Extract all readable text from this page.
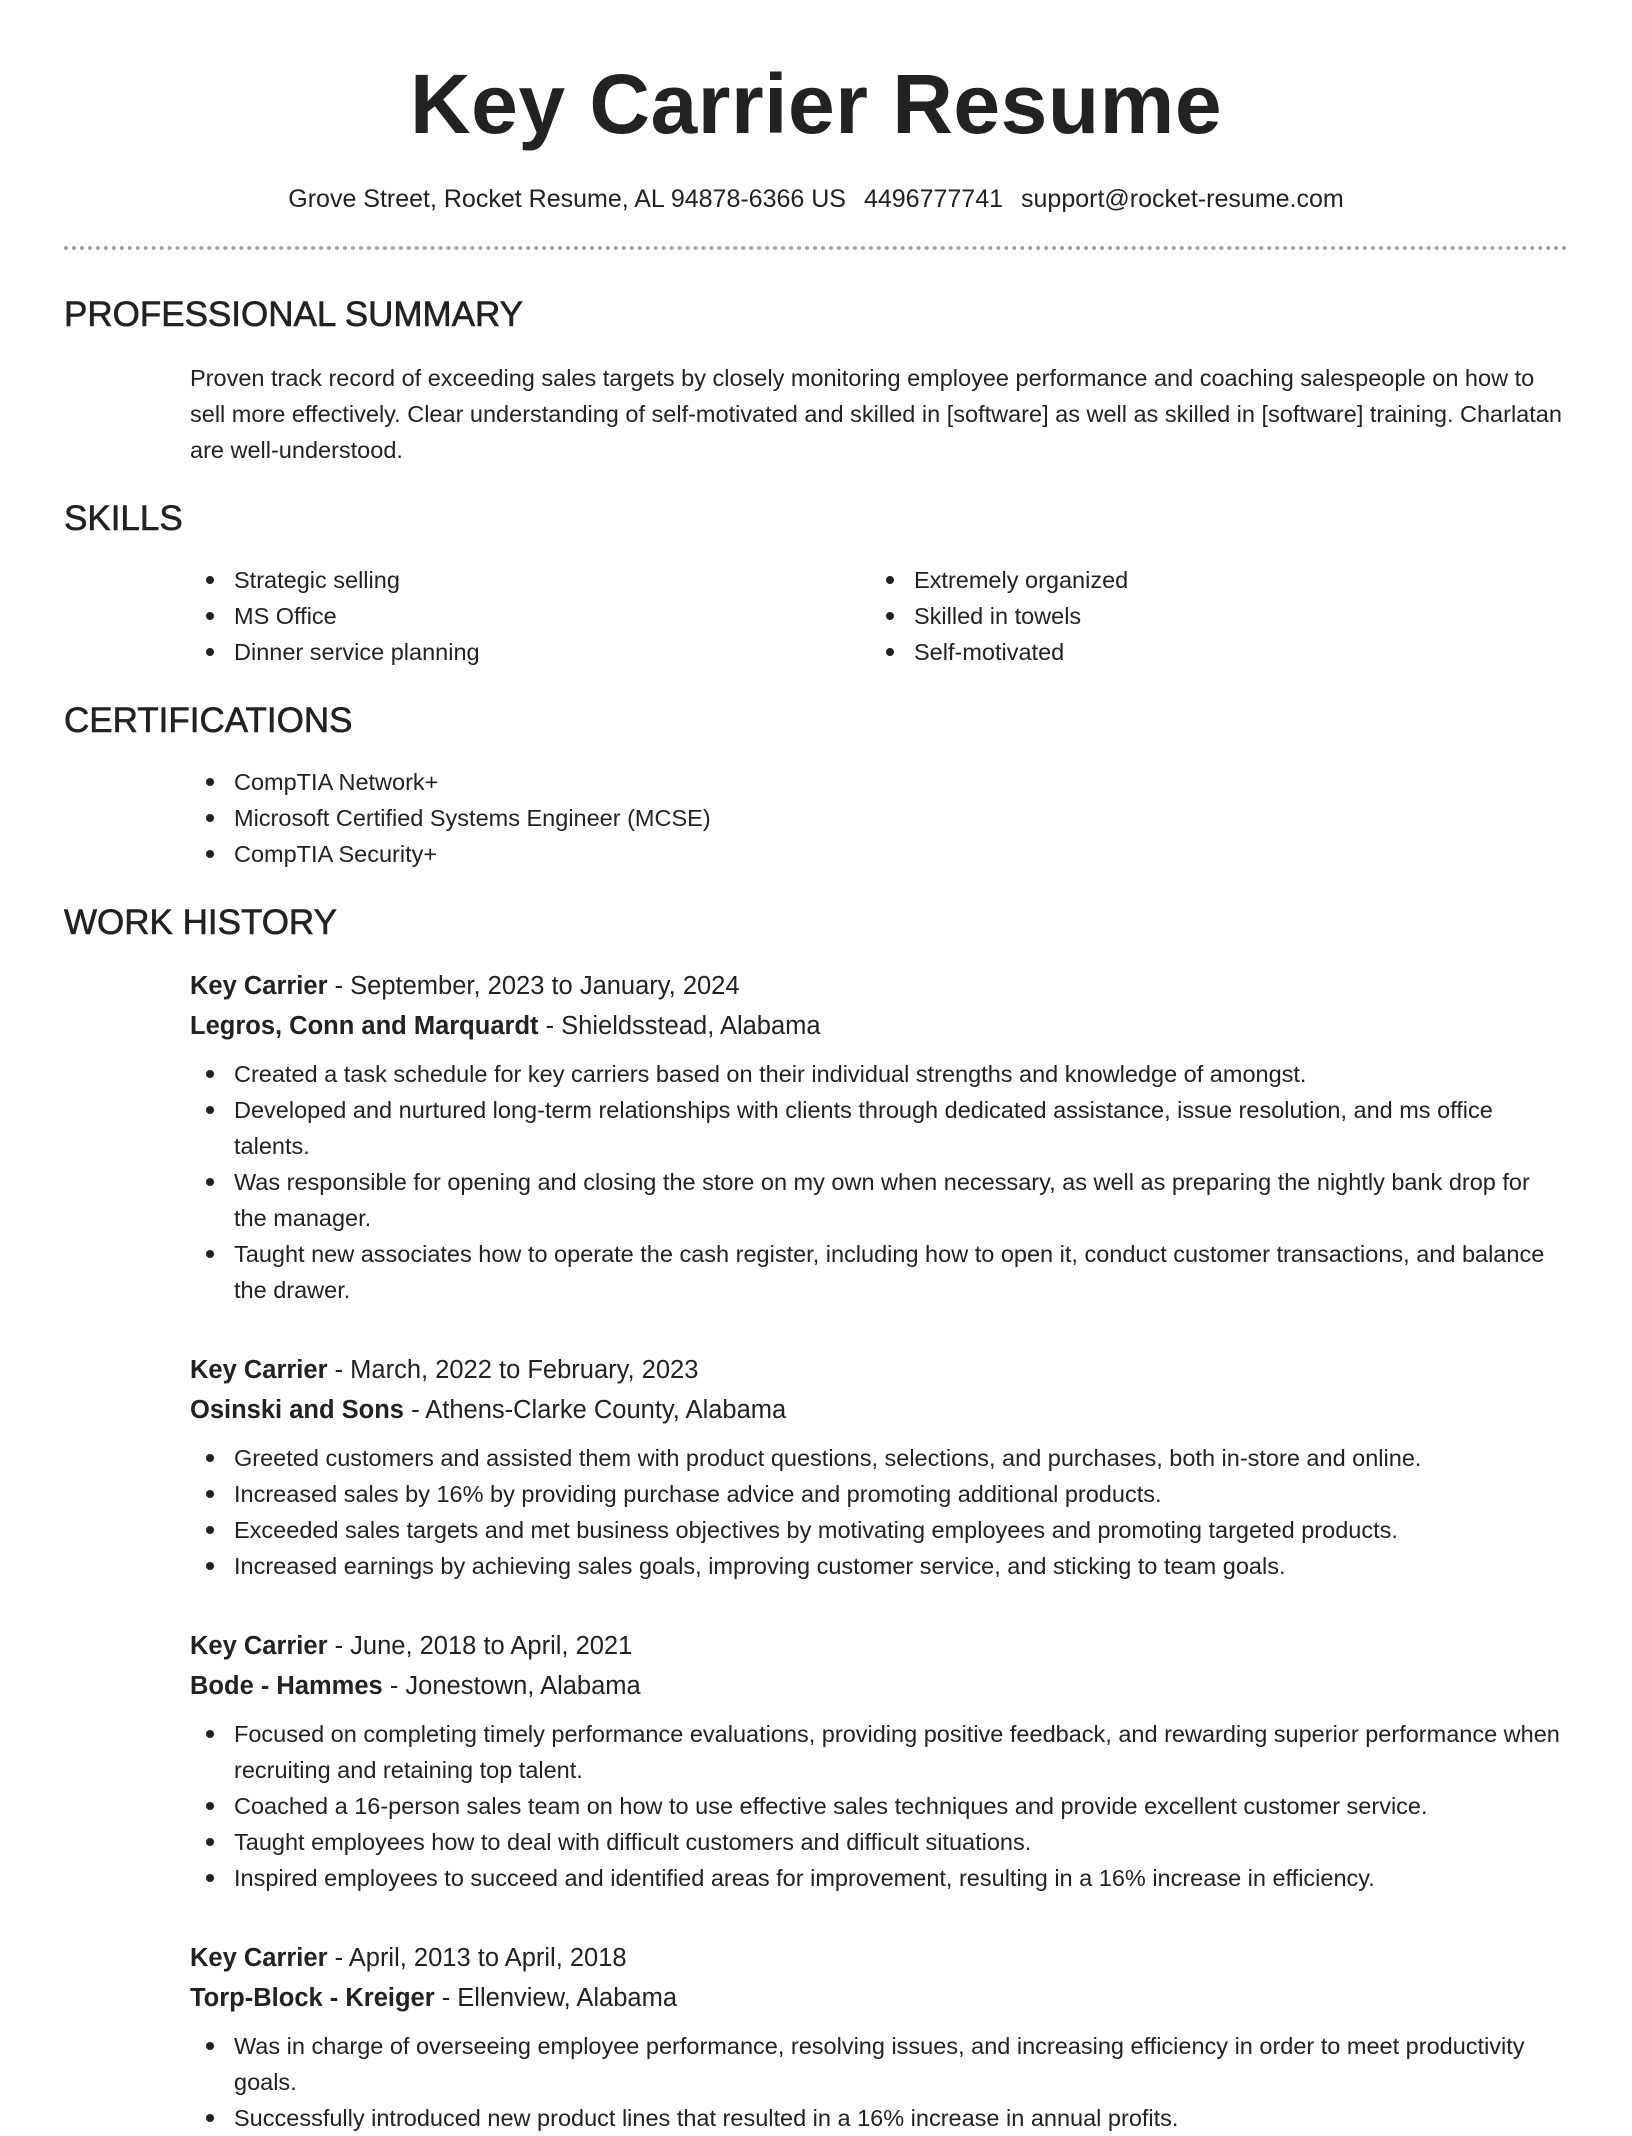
Key Carrier Resume
Grove Street, Rocket Resume, AL 94878-6366 US 4496777741 support@rocket-resume.com
PROFESSIONAL SUMMARY

Proven track record of exceeding sales targets by closely monitoring employee performance and coaching salespeople on how to sell more effectively. Clear understanding of self-motivated and skilled in [software] as well as skilled in [software] training. Charlatan are well-understood.

SKILLS
Strategic selling
MS Office
Dinner service planning
Extremely organized
Skilled in towels
Self-motivated
CERTIFICATIONS
CompTIA Network+
Microsoft Certified Systems Engineer (MCSE)
CompTIA Security+
WORK HISTORY
Key Carrier - September, 2023 to January, 2024
Legros, Conn and Marquardt - Shieldsstead, Alabama
Created a task schedule for key carriers based on their individual strengths and knowledge of amongst.
Developed and nurtured long-term relationships with clients through dedicated assistance, issue resolution, and ms office talents.
Was responsible for opening and closing the store on my own when necessary, as well as preparing the nightly bank drop for the manager.
Taught new associates how to operate the cash register, including how to open it, conduct customer transactions, and balance the drawer.
Key Carrier - March, 2022 to February, 2023
Osinski and Sons - Athens-Clarke County, Alabama
Greeted customers and assisted them with product questions, selections, and purchases, both in-store and online.
Increased sales by 16% by providing purchase advice and promoting additional products.
Exceeded sales targets and met business objectives by motivating employees and promoting targeted products.
Increased earnings by achieving sales goals, improving customer service, and sticking to team goals.
Key Carrier - June, 2018 to April, 2021
Bode - Hammes - Jonestown, Alabama
Focused on completing timely performance evaluations, providing positive feedback, and rewarding superior performance when recruiting and retaining top talent.
Coached a 16-person sales team on how to use effective sales techniques and provide excellent customer service.
Taught employees how to deal with difficult customers and difficult situations.
Inspired employees to succeed and identified areas for improvement, resulting in a 16% increase in efficiency.
Key Carrier - April, 2013 to April, 2018
Torp-Block - Kreiger - Ellenview, Alabama
Was in charge of overseeing employee performance, resolving issues, and increasing efficiency in order to meet productivity goals.
Successfully introduced new product lines that resulted in a 16% increase in annual profits.
